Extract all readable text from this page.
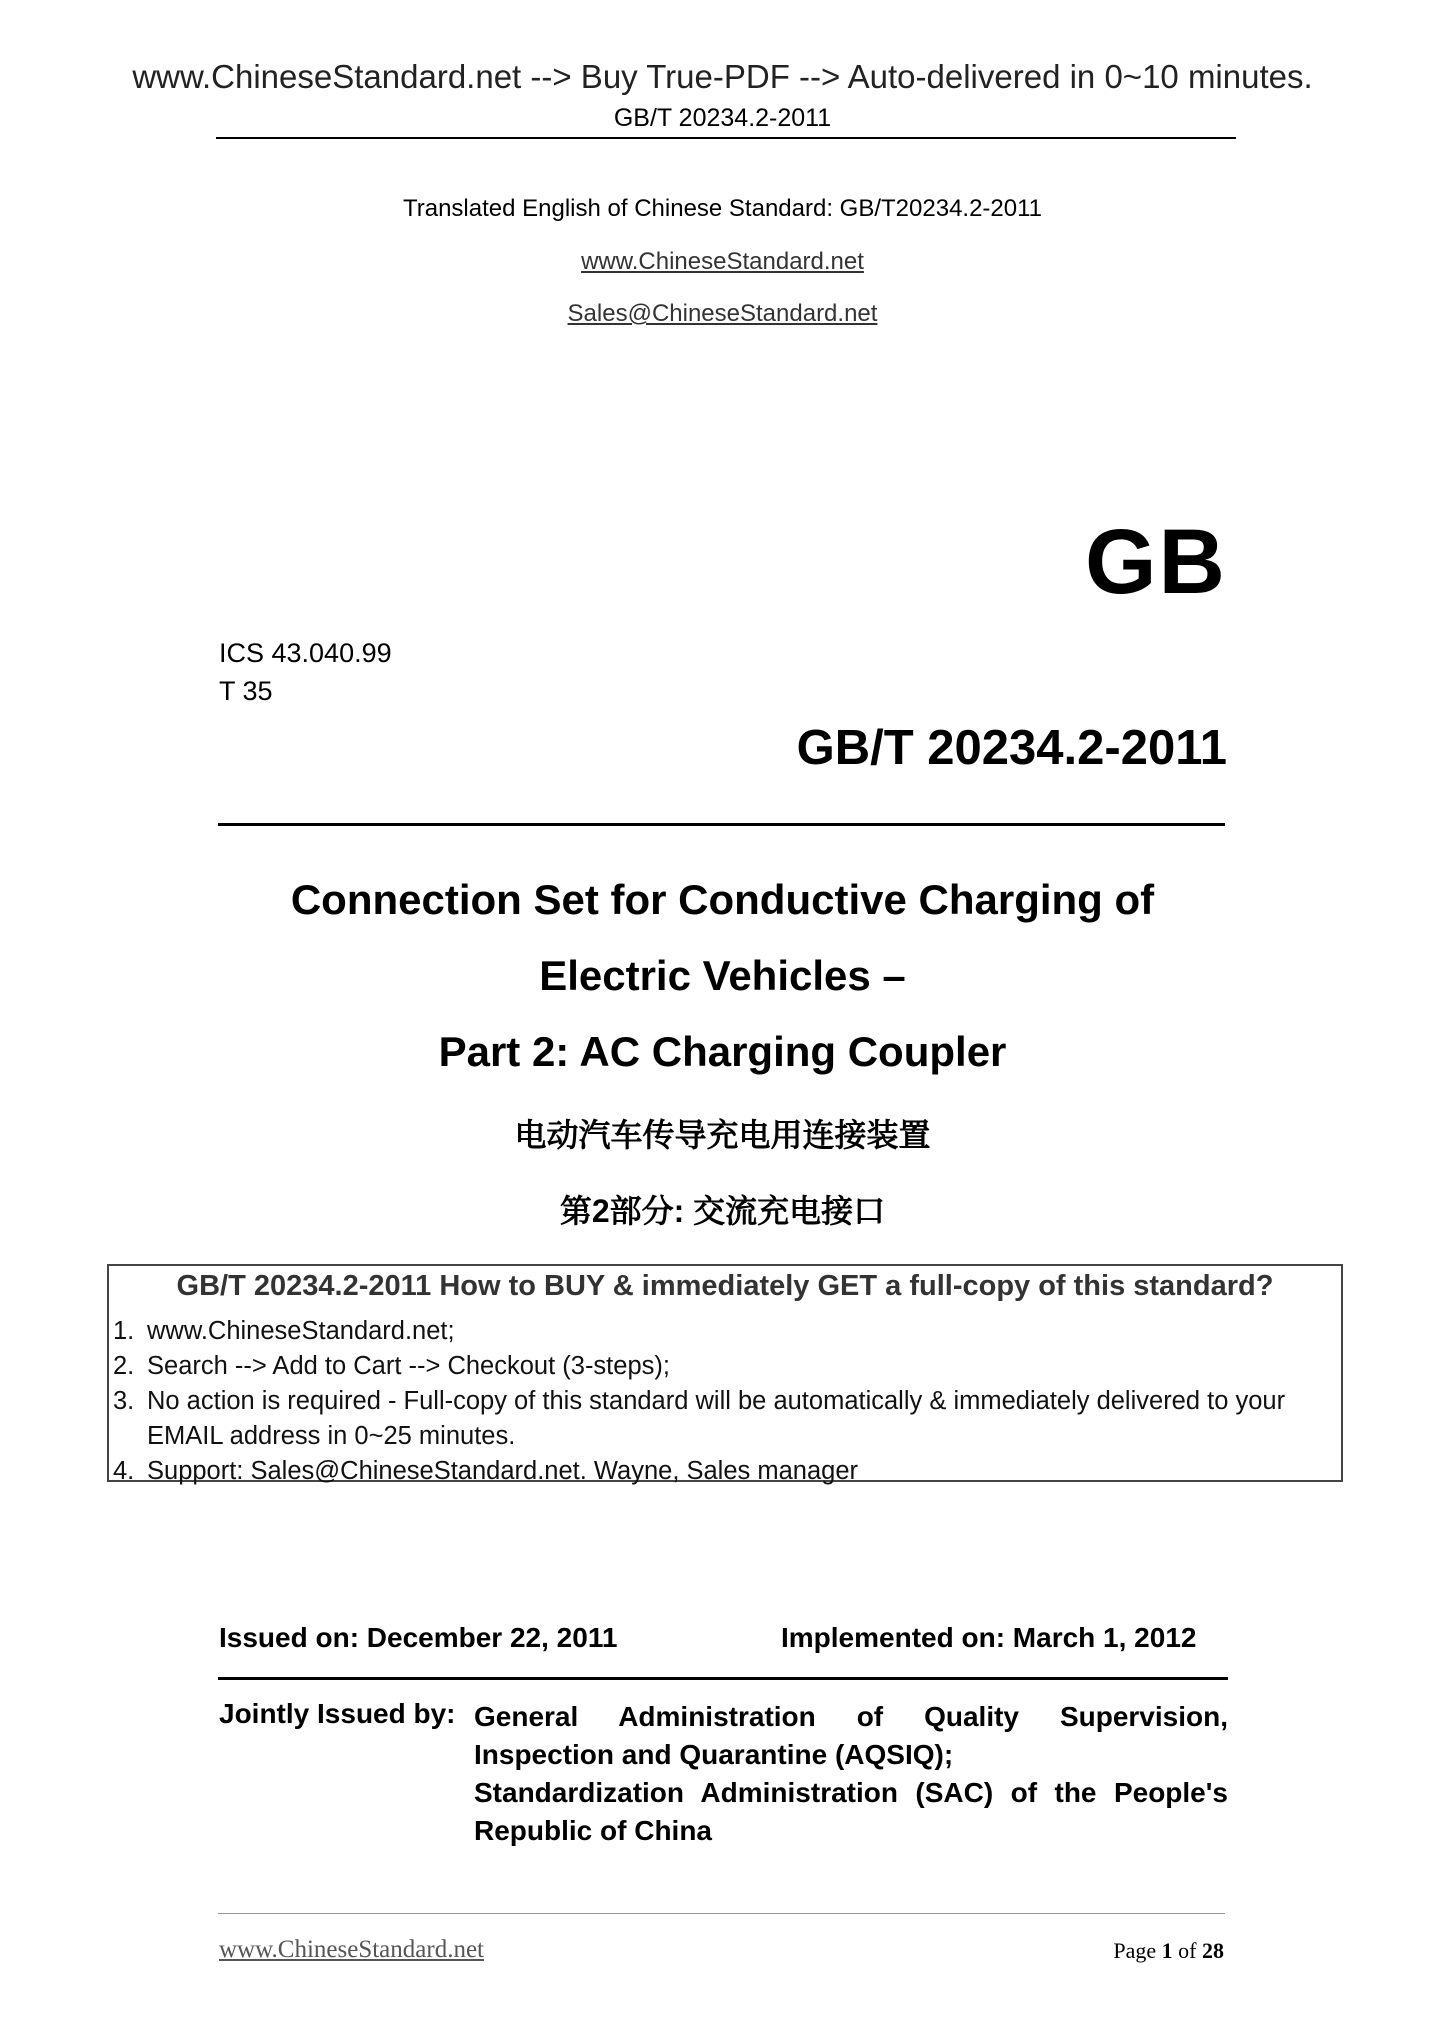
www.ChineseStandard.net --> Buy True-PDF --> Auto-delivered in 0~10 minutes.
GB/T 20234.2-2011
Translated English of Chinese Standard: GB/T20234.2-2011
www.ChineseStandard.net
Sales@ChineseStandard.net
GB
ICS 43.040.99
T 35
GB/T 20234.2-2011
Connection Set for Conductive Charging of
Electric Vehicles –
Part 2: AC Charging Coupler
电动汽车传导充电用连接装置
第2部分: 交流充电接口
GB/T 20234.2-2011 How to BUY & immediately GET a full-copy of this standard?
1. www.ChineseStandard.net;
2. Search --> Add to Cart --> Checkout (3-steps);
3. No action is required - Full-copy of this standard will be automatically & immediately delivered to your EMAIL address in 0~25 minutes.
4. Support: Sales@ChineseStandard.net. Wayne, Sales manager
Issued on: December 22, 2011	Implemented on: March 1, 2012
Jointly Issued by: General Administration of Quality Supervision,
Inspection and Quarantine (AQSIQ);
Standardization Administration (SAC) of the People's
Republic of China
www.ChineseStandard.net	Page 1 of 28
